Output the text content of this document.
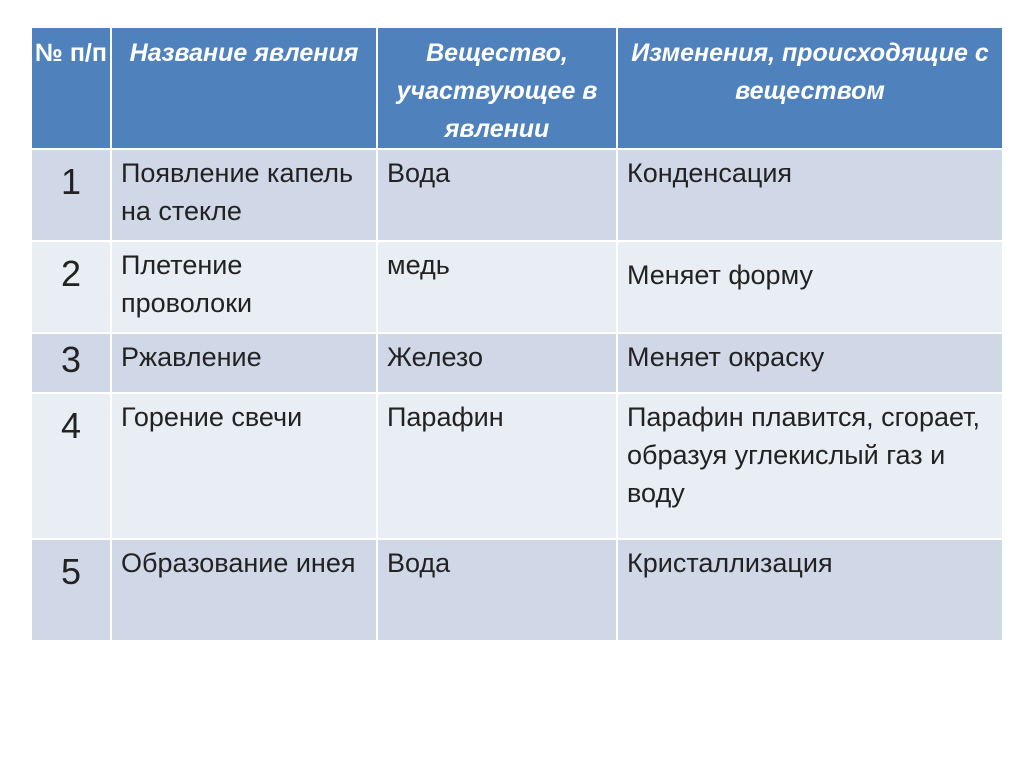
№ п/п	Название явления	Вещество, участвующее в явлении	Изменения, происходящие с веществом
1	Появление капель на стекле	Вода	Конденсация

2	Плетение проволоки	медь	Меняет форму

3	Ржавление	Железо	Меняет окраску

4	Горение свечи	Парафин	Парафин плавится, сгорает, образуя углекислый газ и воду

5	Образование инея	Вода	Кристаллизация
